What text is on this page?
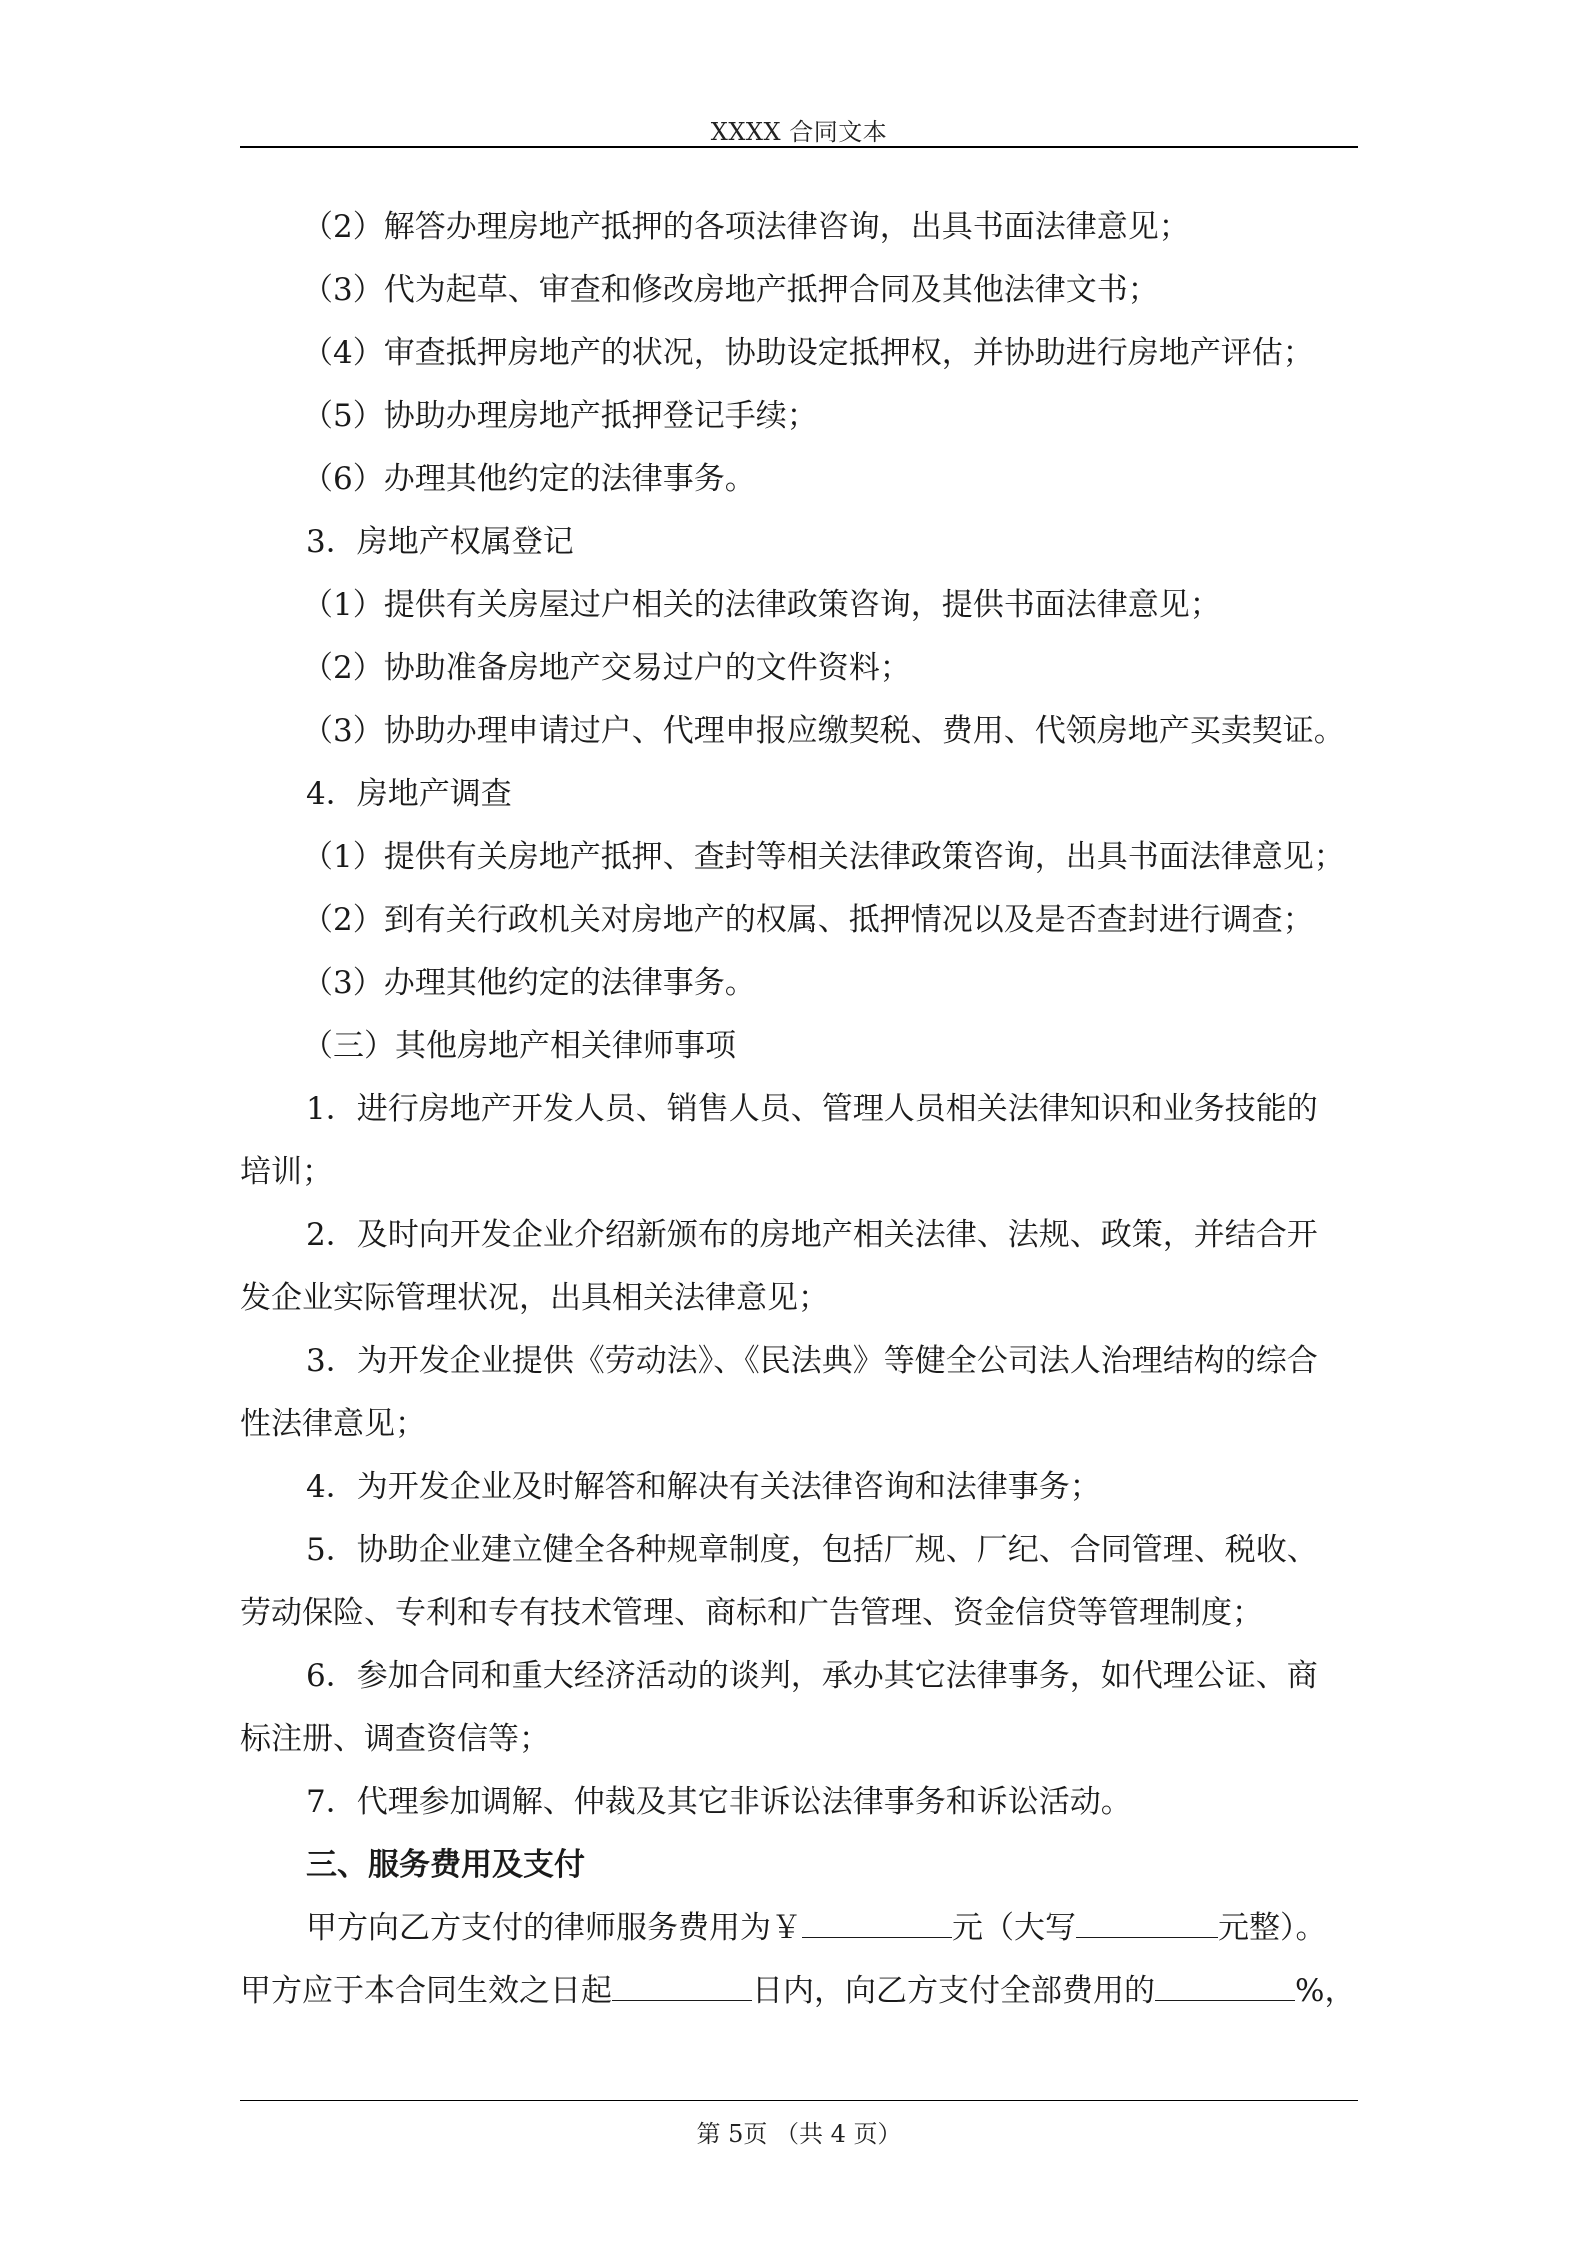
XXXX 合同文本
（2）解答办理房地产抵押的各项法律咨询，出具书面法律意见；
（3）代为起草、审查和修改房地产抵押合同及其他法律文书；
（4）审查抵押房地产的状况，协助设定抵押权，并协助进行房地产评估；
（5）协助办理房地产抵押登记手续；
（6）办理其他约定的法律事务。
3．房地产权属登记
（1）提供有关房屋过户相关的法律政策咨询，提供书面法律意见；
（2）协助准备房地产交易过户的文件资料；
（3）协助办理申请过户、代理申报应缴契税、费用、代领房地产买卖契证。
4．房地产调查
（1）提供有关房地产抵押、查封等相关法律政策咨询，出具书面法律意见；
（2）到有关行政机关对房地产的权属、抵押情况以及是否查封进行调查；
（3）办理其他约定的法律事务。
（三）其他房地产相关律师事项
1．进行房地产开发人员、销售人员、管理人员相关法律知识和业务技能的
培训；
2．及时向开发企业介绍新颁布的房地产相关法律、法规、政策，并结合开
发企业实际管理状况，出具相关法律意见；
3．为开发企业提供《劳动法》、《民法典》等健全公司法人治理结构的综合
性法律意见；
4．为开发企业及时解答和解决有关法律咨询和法律事务；
5．协助企业建立健全各种规章制度，包括厂规、厂纪、合同管理、税收、
劳动保险、专利和专有技术管理、商标和广告管理、资金信贷等管理制度；
6．参加合同和重大经济活动的谈判，承办其它法律事务，如代理公证、商
标注册、调查资信等；
7．代理参加调解、仲裁及其它非诉讼法律事务和诉讼活动。
三、服务费用及支付
甲方向乙方支付的律师服务费用为￥	元（大写	元整）。
甲方应于本合同生效之日起	日内，向乙方支付全部费用的	%，
第 5页 （共 4 页）
